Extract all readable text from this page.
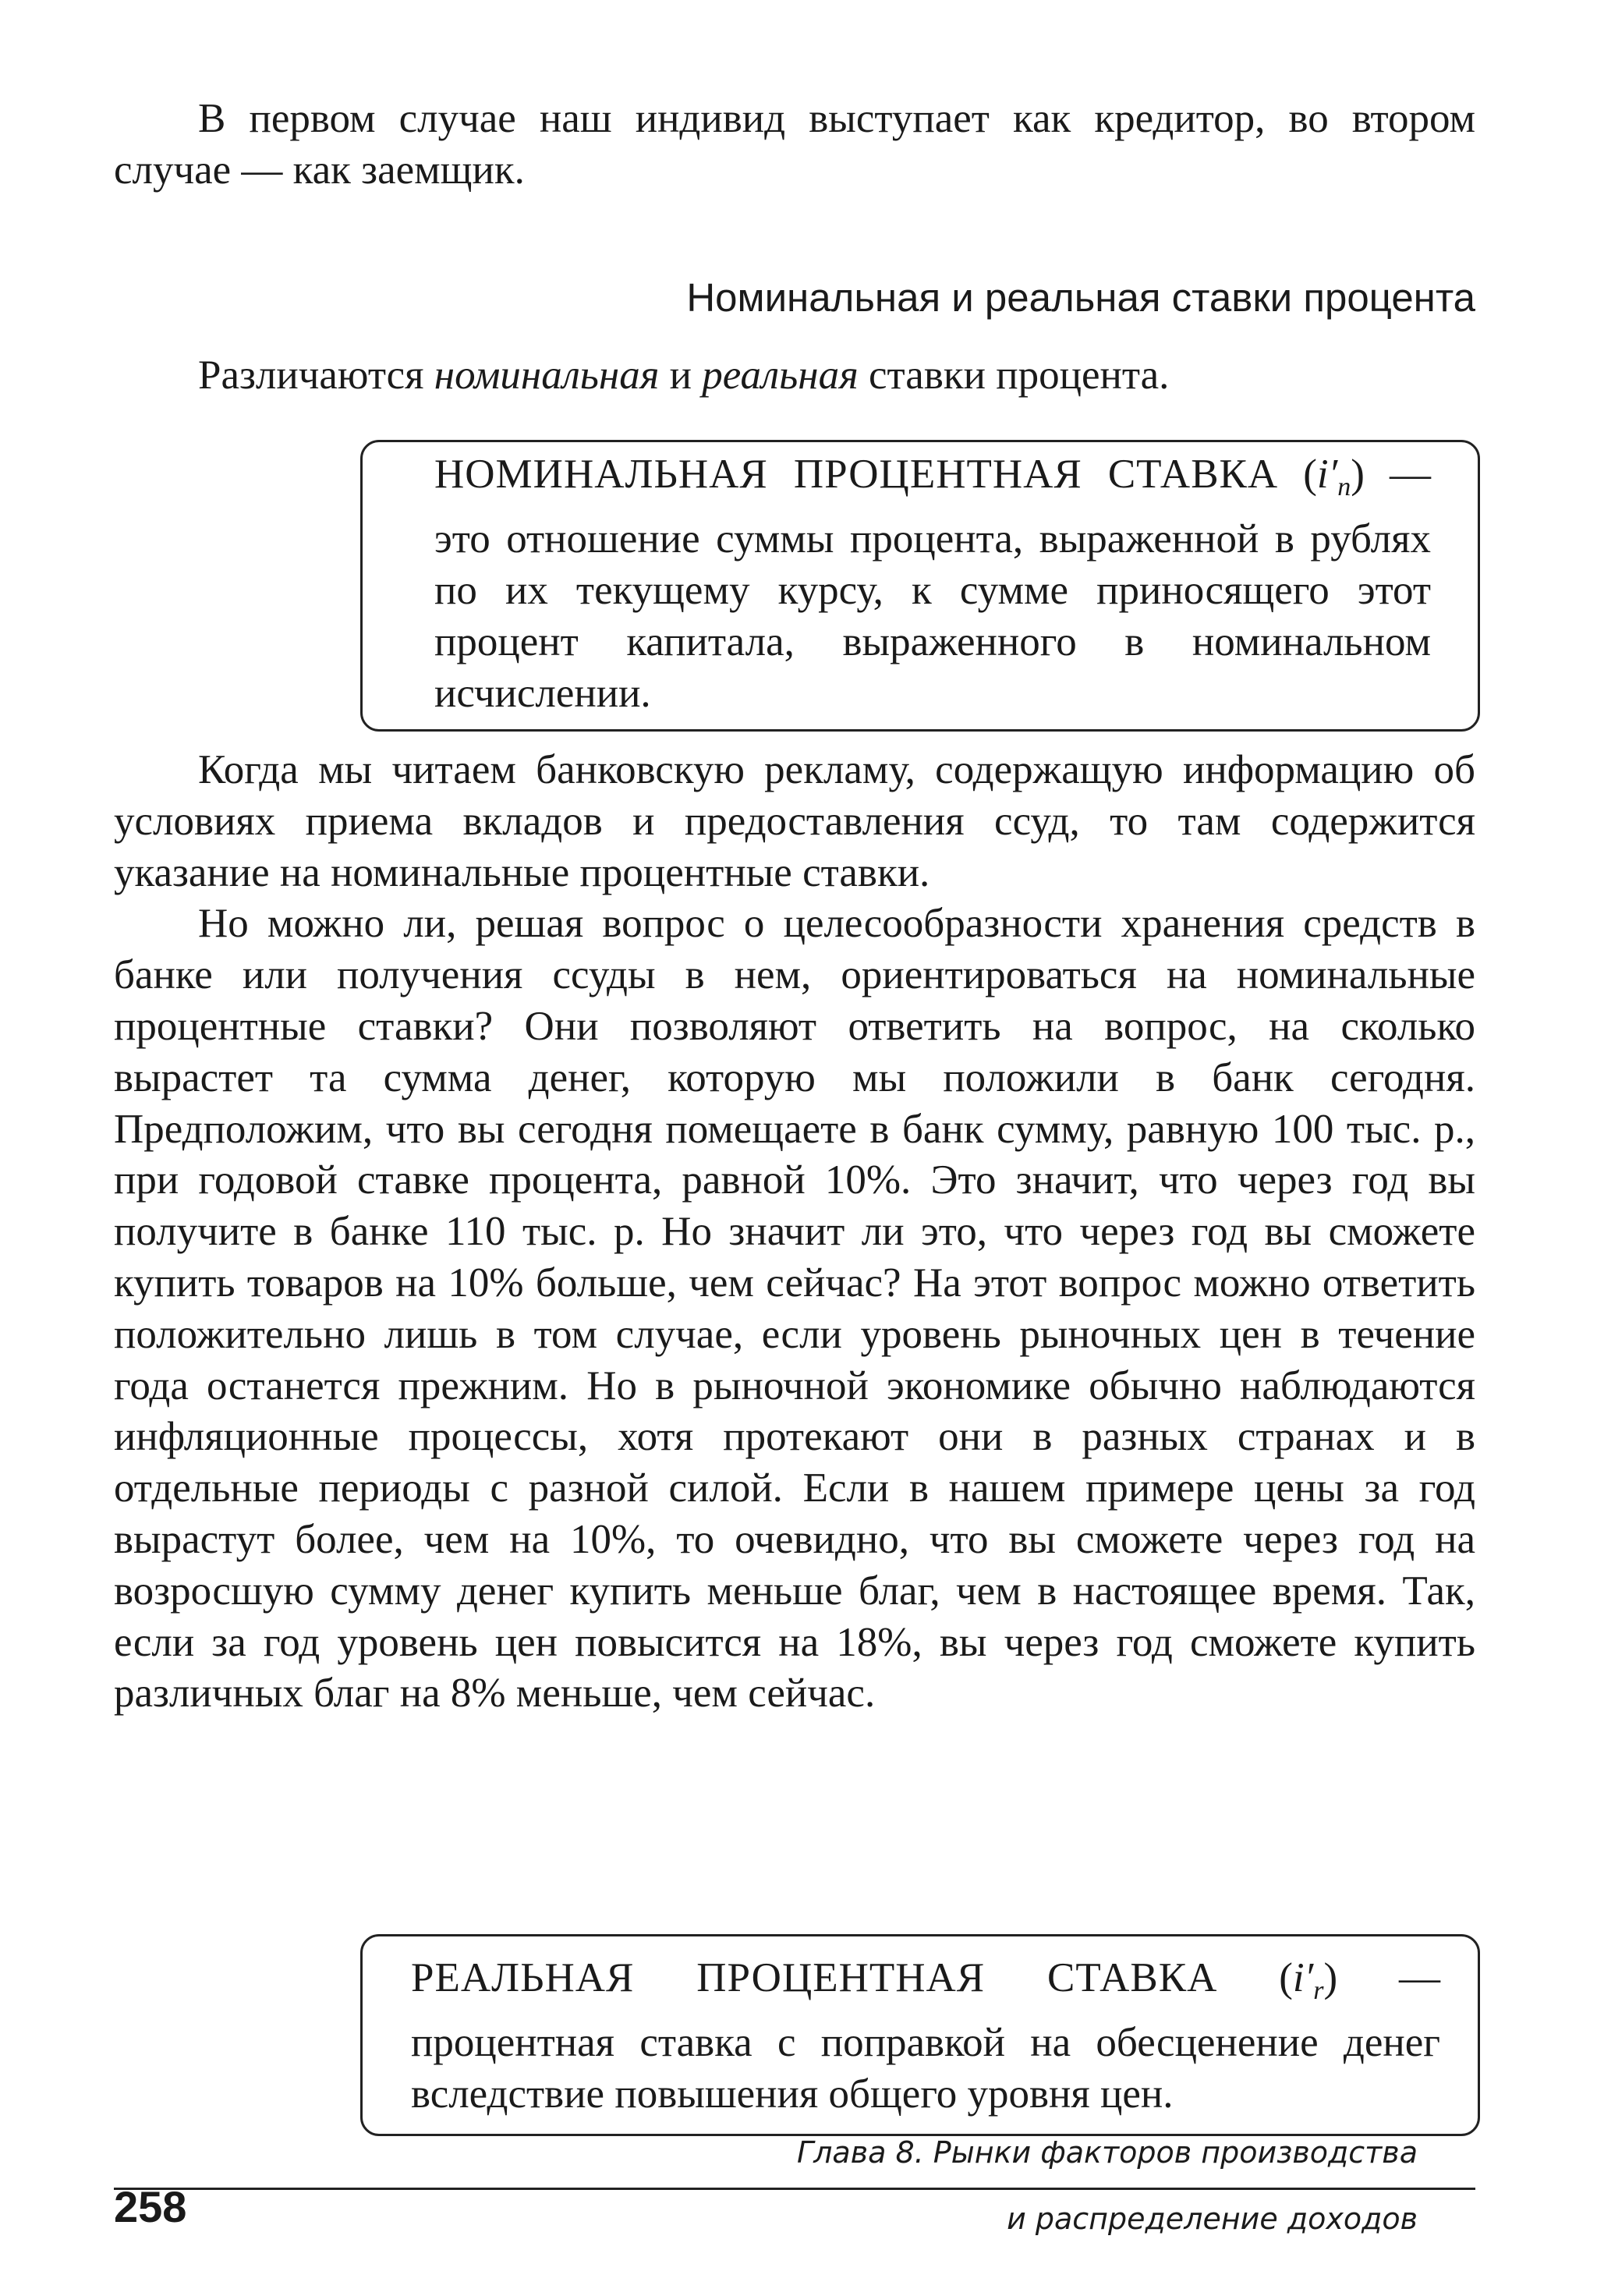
В первом случае наш индивид выступает как кредитор, во втором случае — как заемщик.

Номинальная и реальная ставки процента

Различаются номинальная и реальная ставки процента.

НОМИНАЛЬНАЯ ПРОЦЕНТНАЯ СТАВКА $(i'_n)$ — это отношение суммы процента, выраженной в рублях по их текущему курсу, к сумме приносящего этот процент капитала, выраженного в номинальном исчислении.

Когда мы читаем банковскую рекламу, содержащую информацию об условиях приема вкладов и предоставления ссуд, то там содержится указание на номинальные процентные ставки.

Но можно ли, решая вопрос о целесообразности хранения средств в банке или получения ссуды в нем, ориентироваться на номинальные процентные ставки? Они позволяют ответить на вопрос, на сколько вырастет та сумма денег, которую мы положили в банк сегодня. Предположим, что вы сегодня помещаете в банк сумму, равную 100 тыс. р., при годовой ставке процента, равной 10%. Это значит, что через год вы получите в банке 110 тыс. р. Но значит ли это, что через год вы сможете купить товаров на 10% больше, чем сейчас? На этот вопрос можно ответить положительно лишь в том случае, если уровень рыночных цен в течение года останется прежним. Но в рыночной экономике обычно наблюдаются инфляционные процессы, хотя протекают они в разных странах и в отдельные периоды с разной силой. Если в нашем примере цены за год вырастут более, чем на 10%, то очевидно, что вы сможете через год на возросшую сумму денег купить меньше благ, чем в настоящее время. Так, если за год уровень цен повысится на 18%, вы через год сможете купить различных благ на 8% меньше, чем сейчас.

РЕАЛЬНАЯ ПРОЦЕНТНАЯ СТАВКА $(i'_r)$ — процентная ставка с поправкой на обесценение денег вследствие повышения общего уровня цен.
Глава 8. Рынки факторов производства
258	и распределение доходов
